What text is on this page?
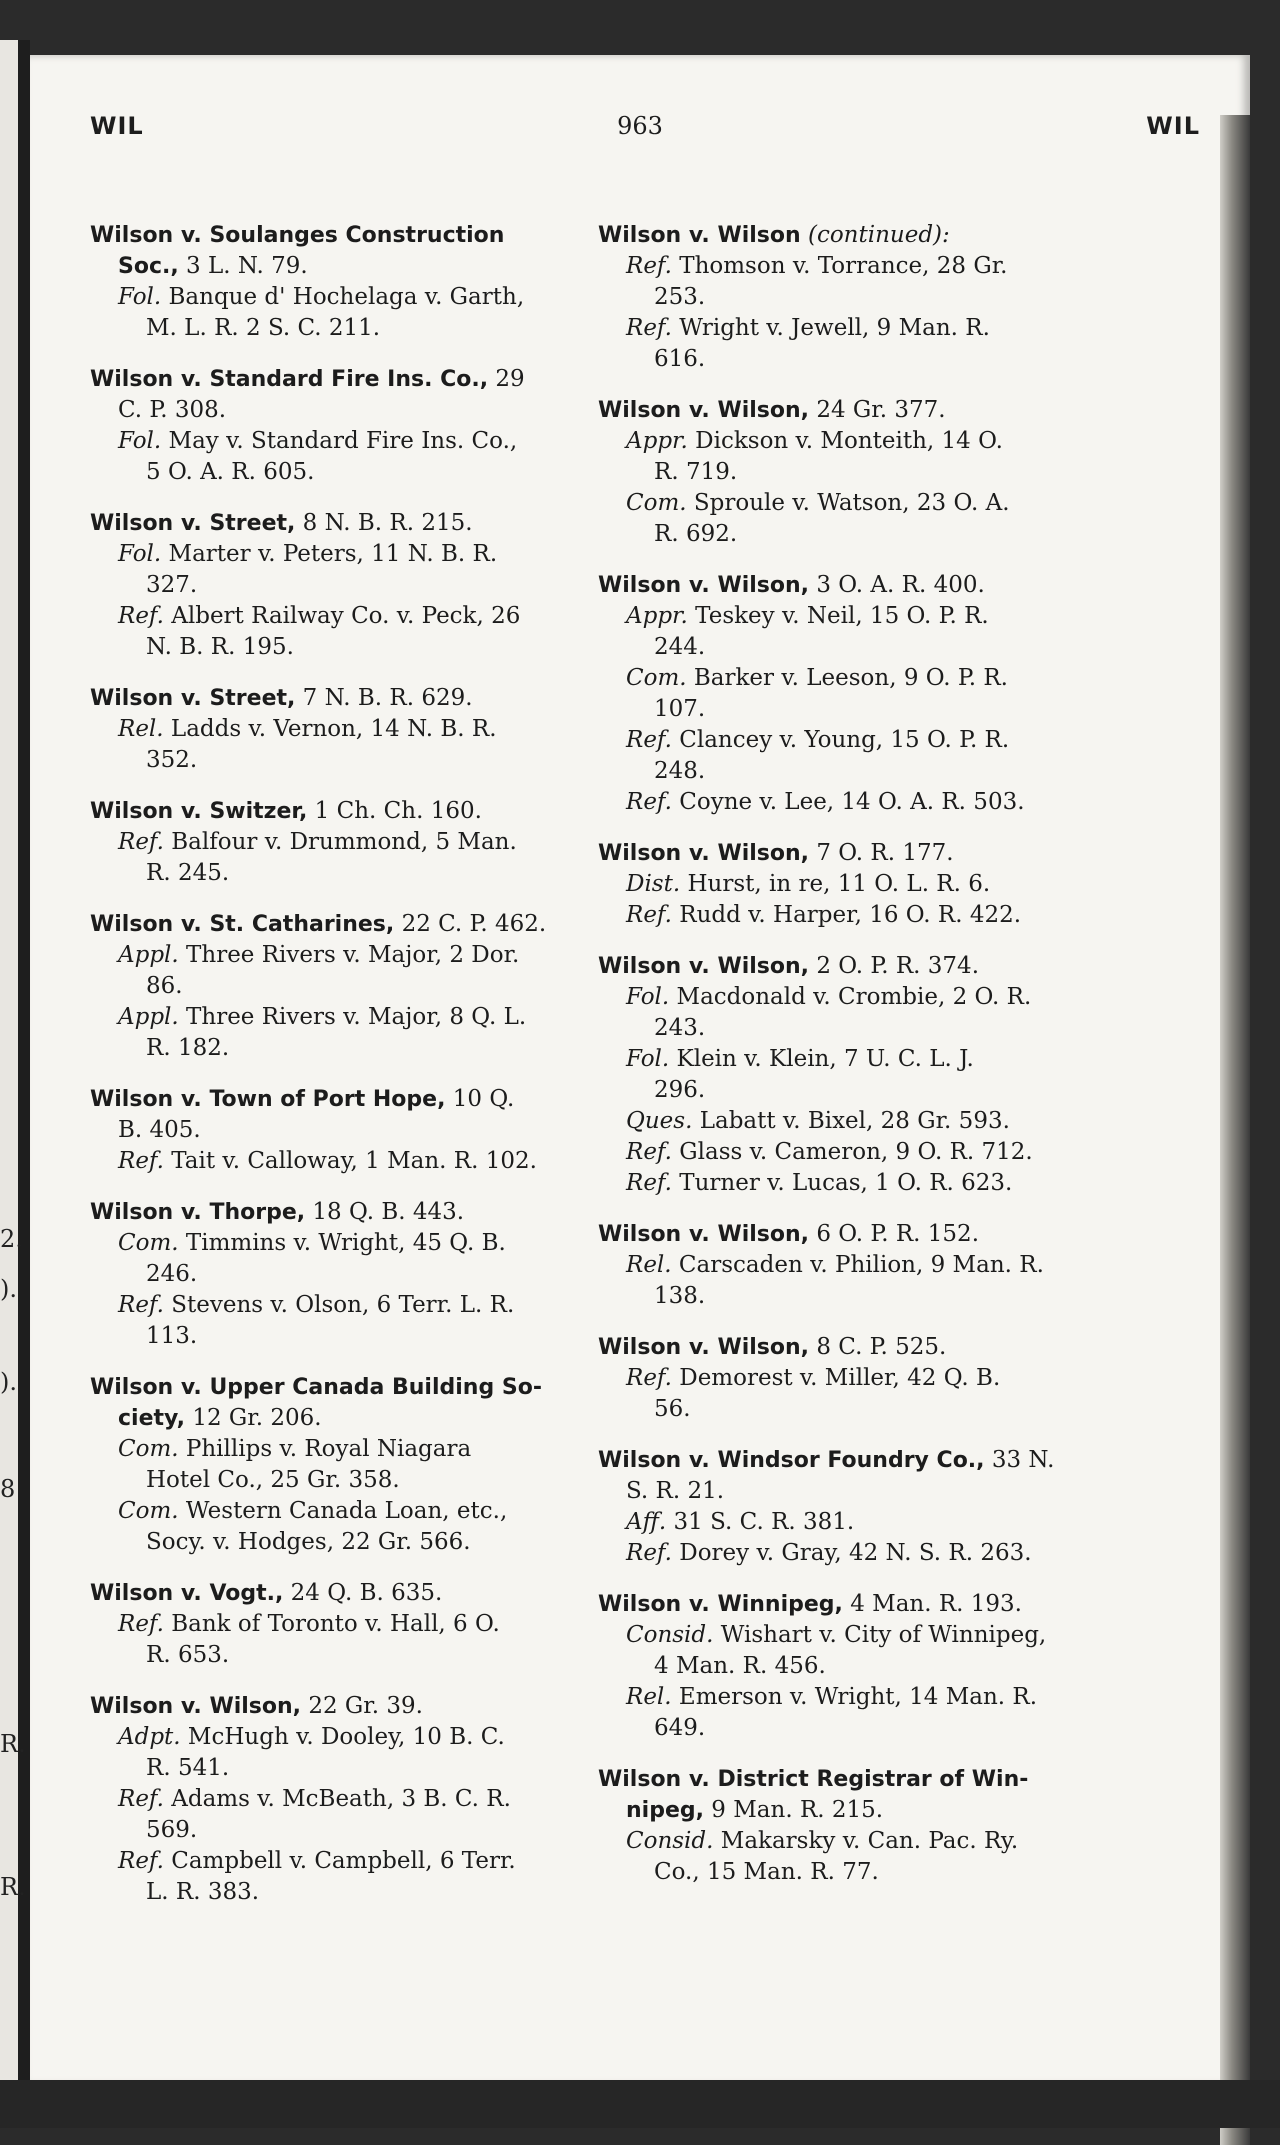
2.
).
).
8
R.
R.
WIL	963	WIL
Wilson v. Soulanges Construction
Soc., 3 L. N. 79.
Fol. Banque d' Hochelaga v. Garth,
M. L. R. 2 S. C. 211.
Wilson v. Standard Fire Ins. Co., 29
C. P. 308.
Fol. May v. Standard Fire Ins. Co.,
5 O. A. R. 605.
Wilson v. Street, 8 N. B. R. 215.
Fol. Marter v. Peters, 11 N. B. R.
327.
Ref. Albert Railway Co. v. Peck, 26
N. B. R. 195.
Wilson v. Street, 7 N. B. R. 629.
Rel. Ladds v. Vernon, 14 N. B. R.
352.
Wilson v. Switzer, 1 Ch. Ch. 160.
Ref. Balfour v. Drummond, 5 Man.
R. 245.
Wilson v. St. Catharines, 22 C. P. 462.
Appl. Three Rivers v. Major, 2 Dor.
86.
Appl. Three Rivers v. Major, 8 Q. L.
R. 182.
Wilson v. Town of Port Hope, 10 Q.
B. 405.
Ref. Tait v. Calloway, 1 Man. R. 102.
Wilson v. Thorpe, 18 Q. B. 443.
Com. Timmins v. Wright, 45 Q. B.
246.
Ref. Stevens v. Olson, 6 Terr. L. R.
113.
Wilson v. Upper Canada Building So-
ciety, 12 Gr. 206.
Com. Phillips v. Royal Niagara
Hotel Co., 25 Gr. 358.
Com. Western Canada Loan, etc.,
Socy. v. Hodges, 22 Gr. 566.
Wilson v. Vogt., 24 Q. B. 635.
Ref. Bank of Toronto v. Hall, 6 O.
R. 653.
Wilson v. Wilson, 22 Gr. 39.
Adpt. McHugh v. Dooley, 10 B. C.
R. 541.
Ref. Adams v. McBeath, 3 B. C. R.
569.
Ref. Campbell v. Campbell, 6 Terr.
L. R. 383.
Wilson v. Wilson (continued):
Ref. Thomson v. Torrance, 28 Gr.
253.
Ref. Wright v. Jewell, 9 Man. R.
616.
Wilson v. Wilson, 24 Gr. 377.
Appr. Dickson v. Monteith, 14 O.
R. 719.
Com. Sproule v. Watson, 23 O. A.
R. 692.
Wilson v. Wilson, 3 O. A. R. 400.
Appr. Teskey v. Neil, 15 O. P. R.
244.
Com. Barker v. Leeson, 9 O. P. R.
107.
Ref. Clancey v. Young, 15 O. P. R.
248.
Ref. Coyne v. Lee, 14 O. A. R. 503.
Wilson v. Wilson, 7 O. R. 177.
Dist. Hurst, in re, 11 O. L. R. 6.
Ref. Rudd v. Harper, 16 O. R. 422.
Wilson v. Wilson, 2 O. P. R. 374.
Fol. Macdonald v. Crombie, 2 O. R.
243.
Fol. Klein v. Klein, 7 U. C. L. J.
296.
Ques. Labatt v. Bixel, 28 Gr. 593.
Ref. Glass v. Cameron, 9 O. R. 712.
Ref. Turner v. Lucas, 1 O. R. 623.
Wilson v. Wilson, 6 O. P. R. 152.
Rel. Carscaden v. Philion, 9 Man. R.
138.
Wilson v. Wilson, 8 C. P. 525.
Ref. Demorest v. Miller, 42 Q. B.
56.
Wilson v. Windsor Foundry Co., 33 N.
S. R. 21.
Aff. 31 S. C. R. 381.
Ref. Dorey v. Gray, 42 N. S. R. 263.
Wilson v. Winnipeg, 4 Man. R. 193.
Consid. Wishart v. City of Winnipeg,
4 Man. R. 456.
Rel. Emerson v. Wright, 14 Man. R.
649.
Wilson v. District Registrar of Win-
nipeg, 9 Man. R. 215.
Consid. Makarsky v. Can. Pac. Ry.
Co., 15 Man. R. 77.
